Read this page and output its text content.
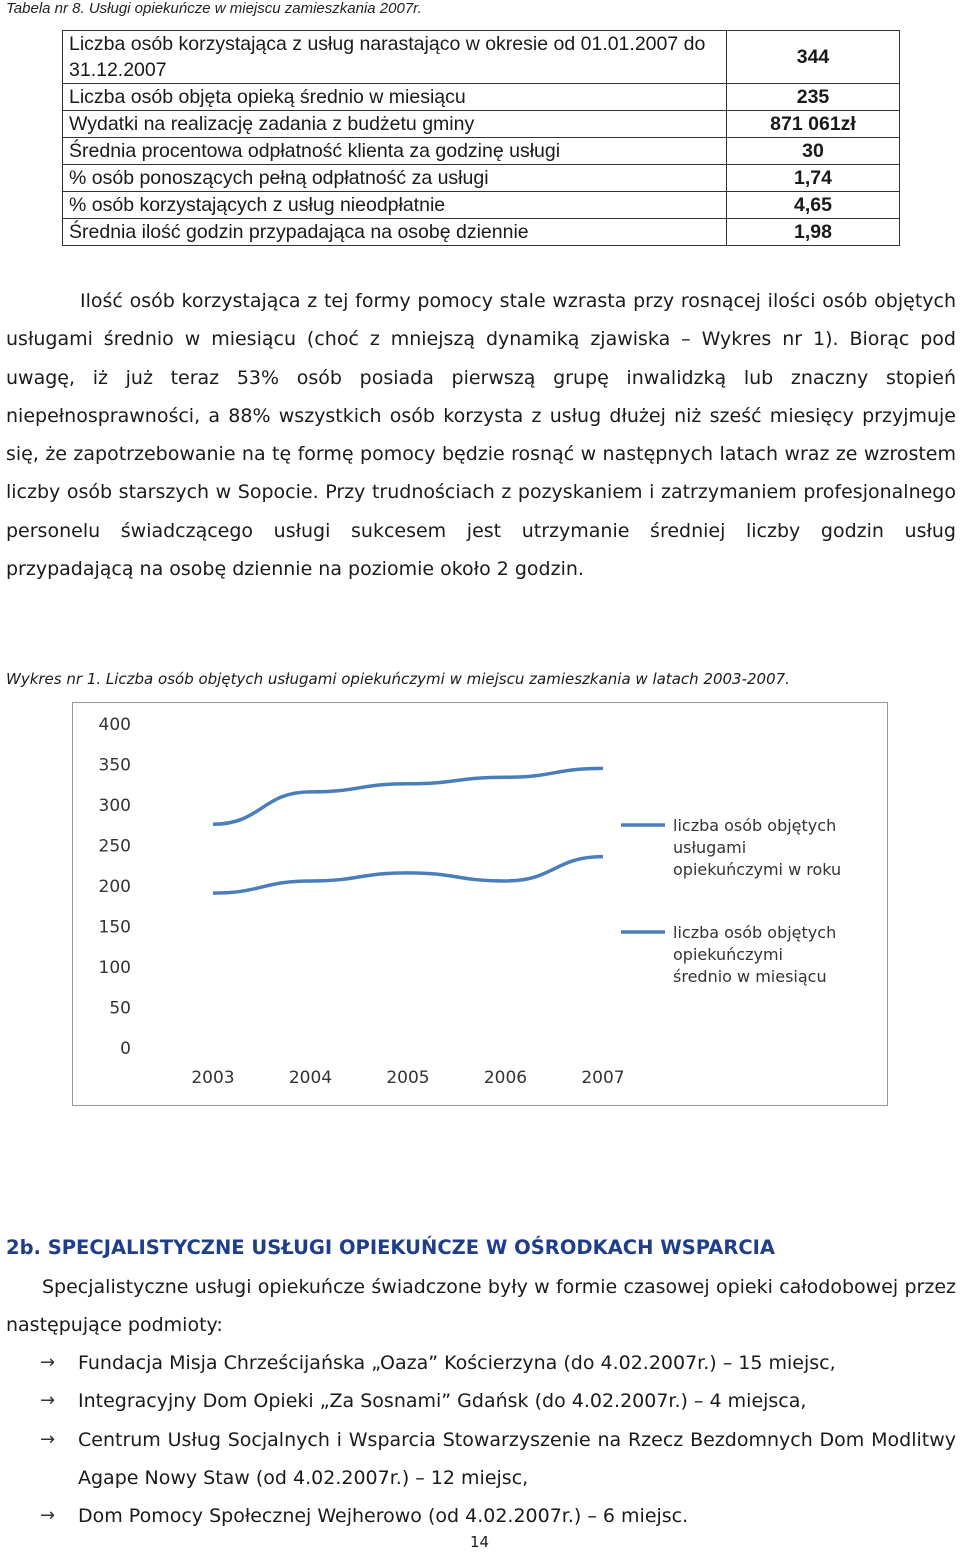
Tabela nr 8. Usługi opiekuńcze w miejscu zamieszkania 2007r.
Liczba osób korzystająca z usług narastająco w okresie od 01.01.2007 do 31.12.2007	344
Liczba osób objęta opieką średnio w miesiącu	235
Wydatki na realizację zadania z budżetu gminy	871 061zł
Średnia procentowa odpłatność klienta za godzinę usługi	30
% osób ponoszących pełną odpłatność za usługi	1,74
% osób korzystających z usług nieodpłatnie	4,65
Średnia ilość godzin przypadająca na osobę dziennie	1,98
Ilość osób korzystająca z tej formy pomocy stale wzrasta przy rosnącej ilości osób objętych usługami średnio w miesiącu (choć z mniejszą dynamiką zjawiska – Wykres nr 1). Biorąc pod uwagę, iż już teraz 53% osób posiada pierwszą grupę inwalidzką lub znaczny stopień niepełnosprawności, a 88% wszystkich osób korzysta z usług dłużej niż sześć miesięcy przyjmuje się, że zapotrzebowanie na tę formę pomocy będzie rosnąć w następnych latach wraz ze wzrostem liczby osób starszych w Sopocie. Przy trudnościach z pozyskaniem i zatrzymaniem profesjonalnego personelu świadczącego usługi sukcesem jest utrzymanie średniej liczby godzin usług przypadającą na osobę dziennie na poziomie około 2 godzin.
Wykres nr 1. Liczba osób objętych usługami opiekuńczymi w miejscu zamieszkania w latach 2003-2007.
0
50
100
150
200
250
300
350
400
2003	2004	2005	2006	2007
liczba osób objętych usługami opiekuńczymi w roku
liczba osób objętych opiekuńczymi średnio w miesiącu
2b. SPECJALISTYCZNE USŁUGI OPIEKUŃCZE W OŚRODKACH WSPARCIA
Specjalistyczne usługi opiekuńcze świadczone były w formie czasowej opieki całodobowej przez następujące podmioty:
→ Fundacja Misja Chrześcijańska „Oaza” Kościerzyna (do 4.02.2007r.) – 15 miejsc,
→ Integracyjny Dom Opieki „Za Sosnami” Gdańsk (do 4.02.2007r.) – 4 miejsca,
→ Centrum Usług Socjalnych i Wsparcia Stowarzyszenie na Rzecz Bezdomnych Dom Modlitwy Agape Nowy Staw (od 4.02.2007r.) – 12 miejsc,
→ Dom Pomocy Społecznej Wejherowo (od 4.02.2007r.) – 6 miejsc.
14
